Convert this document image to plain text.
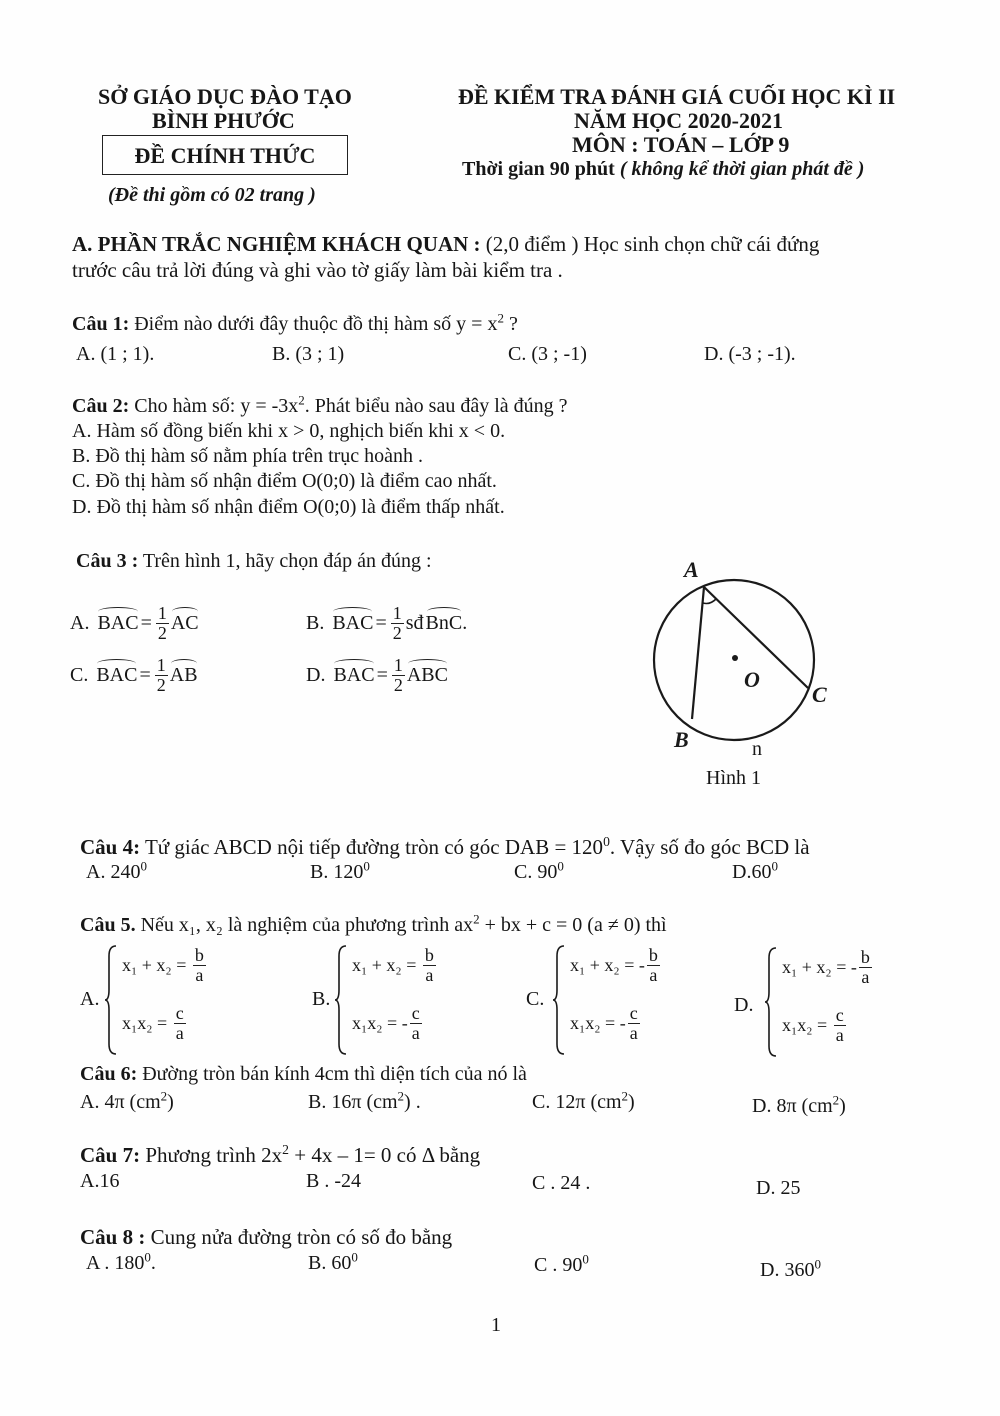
SỞ GIÁO DỤC ĐÀO TẠO
BÌNH PHƯỚC
ĐỀ CHÍNH THỨC
(Đề thi gồm có 02 trang )
ĐỀ KIỂM TRA ĐÁNH GIÁ CUỐI HỌC KÌ II
NĂM HỌC 2020-2021
MÔN : TOÁN – LỚP 9
Thời gian 90 phút ( không kể thời gian phát đề )
A. PHẦN TRẮC NGHIỆM KHÁCH QUAN : (2,0 điểm ) Học sinh chọn chữ cái đứng
trước câu trả lời đúng và ghi vào tờ giấy làm bài kiểm tra .
Câu 1: Điểm nào dưới đây thuộc đồ thị hàm số $y = x^2$ ?
A. (1 ; 1).	B. (3 ; 1)	C. (3 ; -1)	D. (-3 ; -1).
Câu 2: Cho hàm số: $y = -3x^2$. Phát biểu nào sau đây là đúng ?
A. Hàm số đồng biến khi x > 0, nghịch biến khi x < 0.
B. Đồ thị hàm số nằm phía trên trục hoành .
C. Đồ thị hàm số nhận điểm O(0;0) là điểm cao nhất.
D. Đồ thị hàm số nhận điểm O(0;0) là điểm thấp nhất.
Câu 3 : Trên hình 1, hãy chọn đáp án đúng :
A. BAC = $\frac{1}{2}$ AC	B. BAC = $\frac{1}{2}$ sđ BnC .
C. BAC = $\frac{1}{2}$ AB	D. BAC = $\frac{1}{2}$ ABC
A
O
C
B	n
Hình 1
Câu 4: Tứ giác ABCD nội tiếp đường tròn có góc DAB = $120^0$. Vậy số đo góc BCD là
A. $240^0$	B. $120^0$	C. $90^0$	$D.60^0$
Câu 5. Nếu x₁, x₂ là nghiệm của phương trình $ax^2$ + bx + c = 0 (a ≠ 0) thì
A.
x₁ + x₂ =
$\frac{b}{a}$
x₁x₂ =
$\frac{c}{a}$
B.
x₁ + x₂ =
$\frac{b}{a}$
x₁x₂ =
- c
a
C.
x₁ + x₂ =
- b
a
x₁x₂ =
- c
a
D.
x₁ + x₂ =
- b
a
x₁x₂ =
$\frac{c}{a}$
Câu 6: Đường tròn bán kính 4cm thì diện tích của nó là
A. 4π $(cm^2)$	B. 16π $(cm^2)$ .	C. 12π $(cm^2)$	D. 8π $(cm^2)$
Câu 7: Phương trình $2x^2 + 4x - 1= 0$ có Δ bằng
A.16	B . -24	C . 24 .	D. 25
Câu 8 : Cung nửa đường tròn có số đo bằng
A . $180^0$.	B. $60^0$	C . $90^0$
D. $360^0$
1
